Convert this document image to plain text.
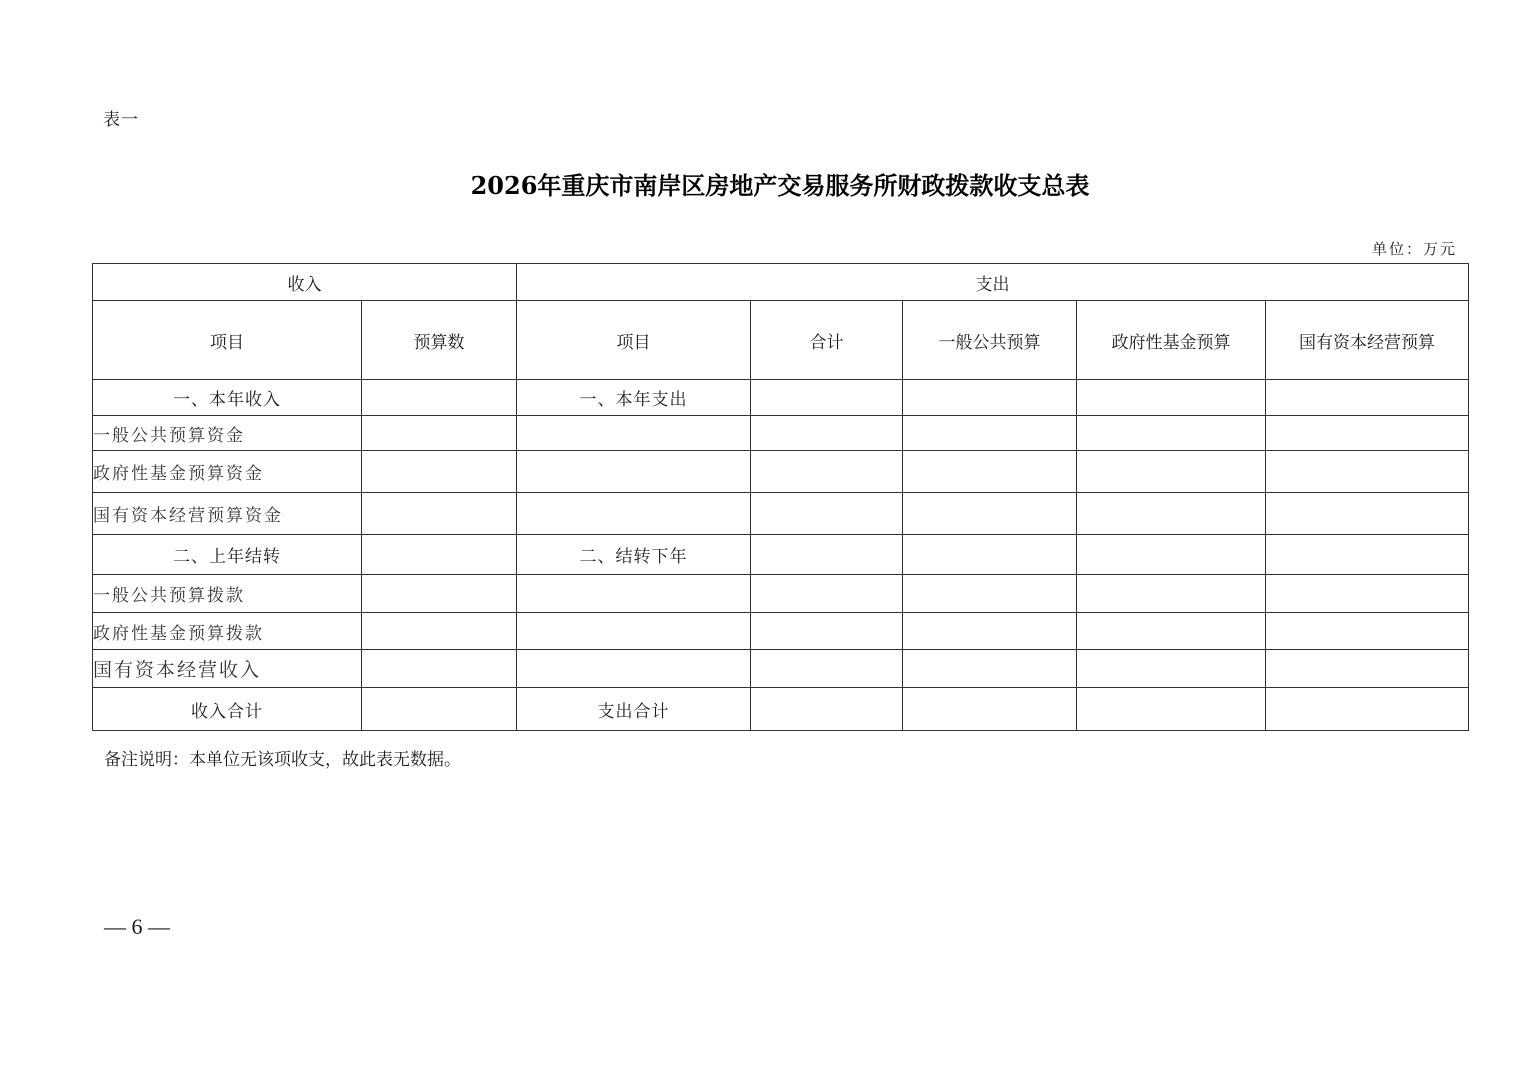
表一
2026年重庆市南岸区房地产交易服务所财政拨款收支总表
单位：万元
收入		支出				
项目	预算数	项目	合计	一般公共预算	政府性基金预算	国有资本经营预算
一、本年收入		一、本年支出				
一般公共预算资金						
政府性基金预算资金						
国有资本经营预算资金						
二、上年结转		二、结转下年				
一般公共预算拨款						
政府性基金预算拨款						
国有资本经营收入						
收入合计		支出合计				
备注说明：本单位无该项收支，故此表无数据。
— 6 —
